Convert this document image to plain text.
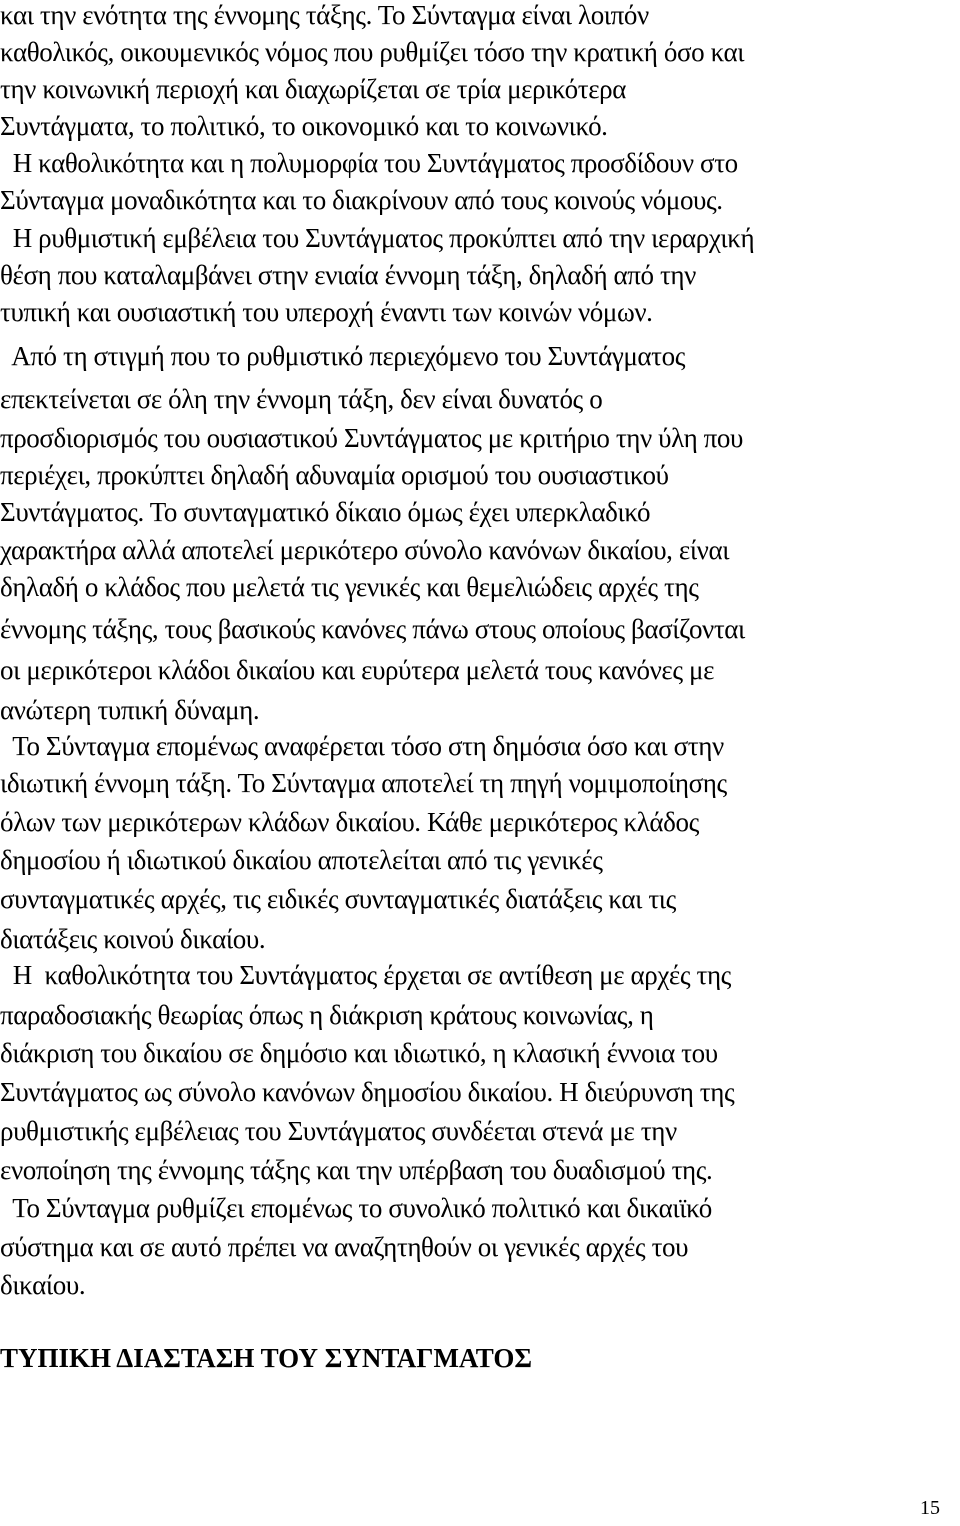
και την ενότητα της έννομης τάξης. Το Σύνταγμα είναι λοιπόν
καθολικός, οικουμενικός νόμος που ρυθμίζει τόσο την κρατική όσο και
την κοινωνική περιοχή και διαχωρίζεται σε τρία μερικότερα
Συντάγματα, το πολιτικό, το οικονομικό και το κοινωνικό.
Η καθολικότητα και η πολυμορφία του Συντάγματος προσδίδουν στο
Σύνταγμα μοναδικότητα και το διακρίνουν από τους κοινούς νόμους.
Η ρυθμιστική εμβέλεια του Συντάγματος προκύπτει από την ιεραρχική
θέση που καταλαμβάνει στην ενιαία έννομη τάξη, δηλαδή από την
τυπική και ουσιαστική του υπεροχή έναντι των κοινών νόμων.
Από τη στιγμή που το ρυθμιστικό περιεχόμενο του Συντάγματος
επεκτείνεται σε όλη την έννομη τάξη, δεν είναι δυνατός ο
προσδιορισμός του ουσιαστικού Συντάγματος με κριτήριο την ύλη που
περιέχει, προκύπτει δηλαδή αδυναμία ορισμού του ουσιαστικού
Συντάγματος. Το συνταγματικό δίκαιο όμως έχει υπερκλαδικό
χαρακτήρα αλλά αποτελεί μερικότερο σύνολο κανόνων δικαίου, είναι
δηλαδή ο κλάδος που μελετά τις γενικές και θεμελιώδεις αρχές της
έννομης τάξης, τους βασικούς κανόνες πάνω στους οποίους βασίζονται
οι μερικότεροι κλάδοι δικαίου και ευρύτερα μελετά τους κανόνες με
ανώτερη τυπική δύναμη.
Το Σύνταγμα επομένως αναφέρεται τόσο στη δημόσια όσο και στην
ιδιωτική έννομη τάξη. Το Σύνταγμα αποτελεί τη πηγή νομιμοποίησης
όλων των μερικότερων κλάδων δικαίου. Κάθε μερικότερος κλάδος
δημοσίου ή ιδιωτικού δικαίου αποτελείται από τις γενικές
συνταγματικές αρχές, τις ειδικές συνταγματικές διατάξεις και τις
διατάξεις κοινού δικαίου.
Η  καθολικότητα του Συντάγματος έρχεται σε αντίθεση με αρχές της
παραδοσιακής θεωρίας όπως η διάκριση κράτους κοινωνίας, η
διάκριση του δικαίου σε δημόσιο και ιδιωτικό, η κλασική έννοια του
Συντάγματος ως σύνολο κανόνων δημοσίου δικαίου. Η διεύρυνση της
ρυθμιστικής εμβέλειας του Συντάγματος συνδέεται στενά με την
ενοποίηση της έννομης τάξης και την υπέρβαση του δυαδισμού της.
Το Σύνταγμα ρυθμίζει επομένως το συνολικό πολιτικό και δικαιϊκό
σύστημα και σε αυτό πρέπει να αναζητηθούν οι γενικές αρχές του
δικαίου.
ΤΥΠΙΚΗ ΔΙΑΣΤΑΣΗ ΤΟΥ ΣΥΝΤΑΓΜΑΤΟΣ
15
